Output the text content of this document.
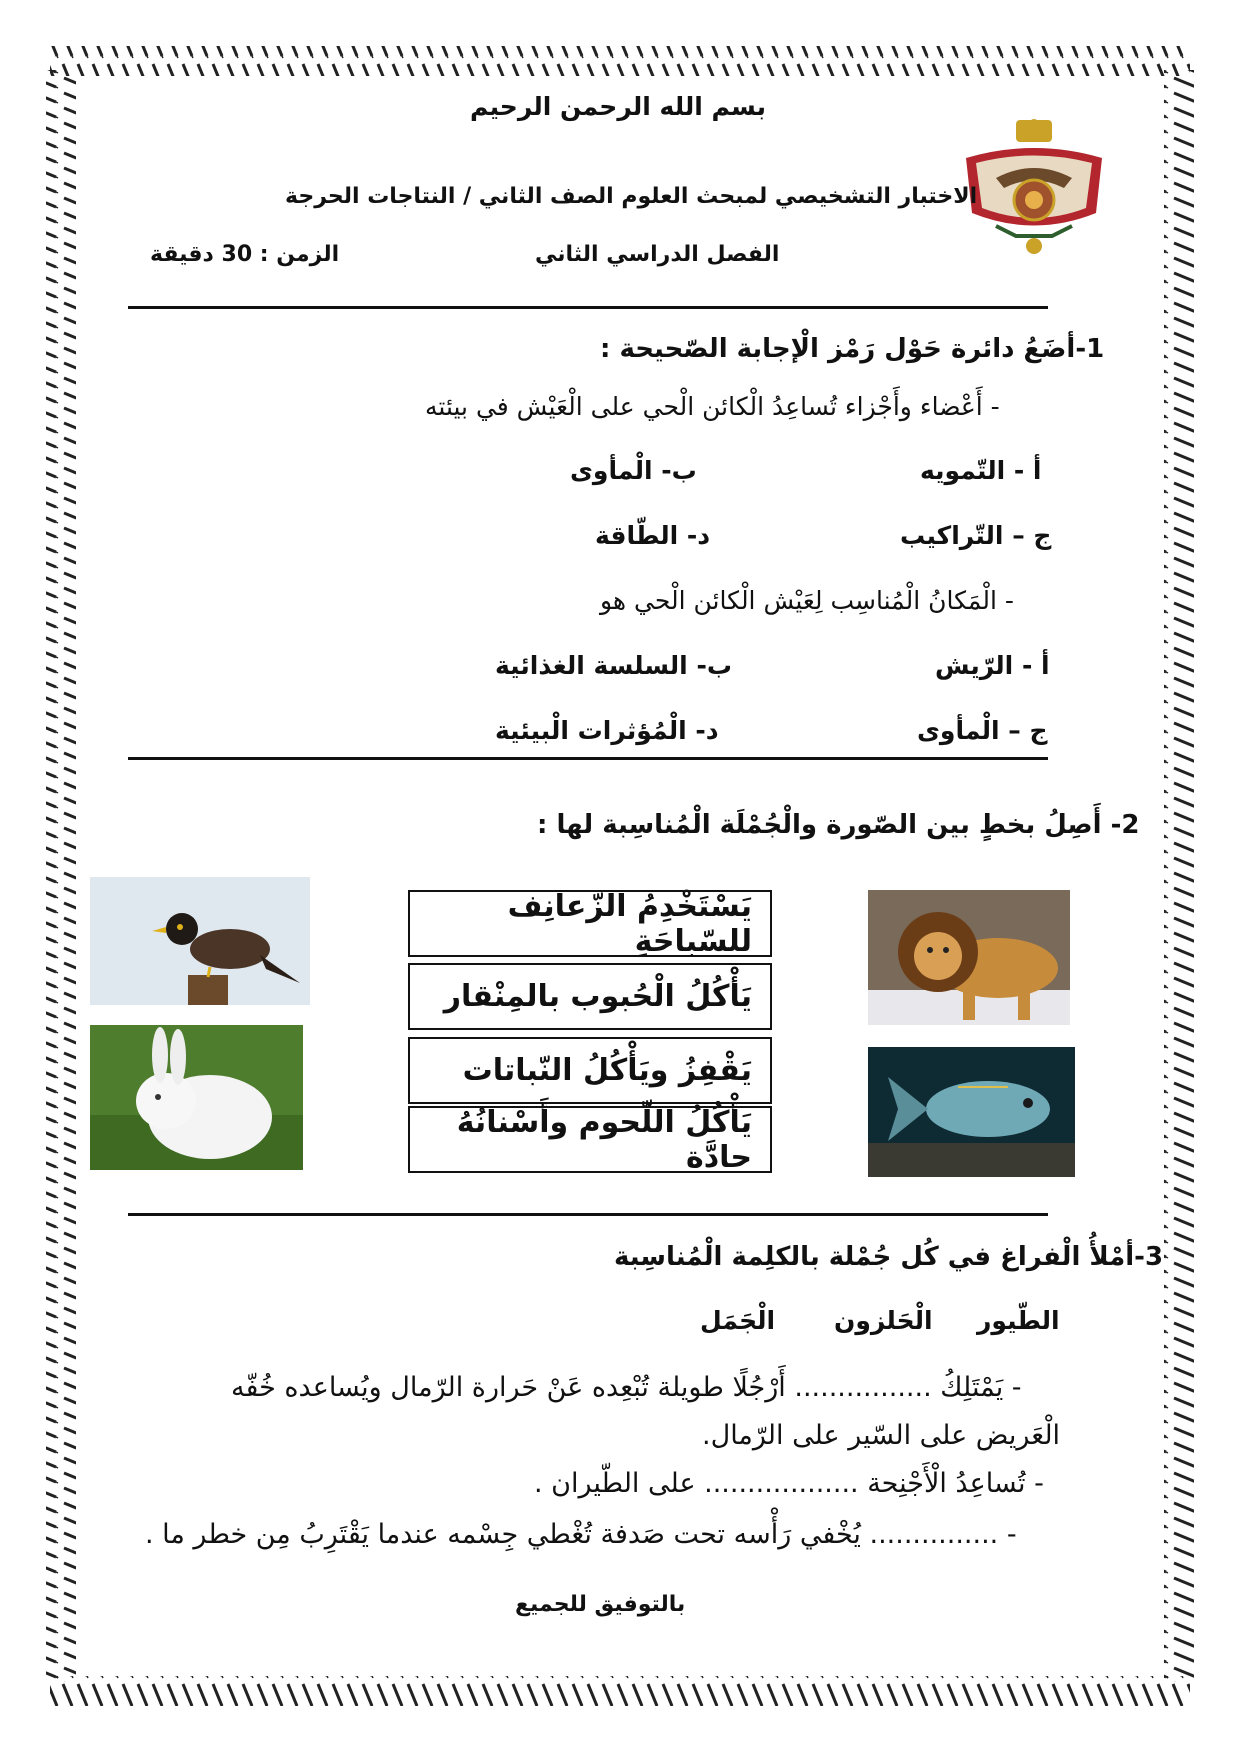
بسم الله الرحمن الرحيم
الاختبار التشخيصي لمبحث العلوم الصف الثاني / النتاجات الحرجة
الفصل الدراسي الثاني
الزمن : 30 دقيقة
1-أضَعُ دائرة حَوْل رَمْز الْإجابة الصّحيحة :
- أَعْضاء وأَجْزاء تُساعِدُ الْكائن الْحي على الْعَيْش في بيئته
أ - التّمويه
ب- الْمأوى
ج – التّراكيب
د- الطّاقة
- الْمَكانُ الْمُناسِب لِعَيْش الْكائن الْحي هو
أ - الرّيش
ب- السلسة الغذائية
ج – الْمأوى
د- الْمُؤثرات الْبيئية
2- أَصِلُ بخطٍ بين الصّورة والْجُمْلَة الْمُناسِبة لها :
يَسْتَخْدِمُ الزّعانِف للسّباحَةِ
يَأْكُلُ الْحُبوب بالمِنْقار
يَقْفِزُ ويَأْكُلُ النّباتات
يَأْكُلُ اللّحوم وأَسْنانُهُ حادَّة
3-أمْلأُ الْفراغ في كُل جُمْلة بالكلِمة الْمُناسِبة
الطّيور
الْحَلزون
الْجَمَل
- يَمْتَلِكُ ................ أَرْجُلًا طويلة تُبْعِده عَنْ حَرارة الرّمال ويُساعده خُفّه
الْعَريض على السّير على الرّمال.
- تُساعِدُ الْأَجْنِحة .................. على الطّيران .
- ............... يُخْفي رَأْسه تحت صَدفة تُغْطي جِسْمه عندما يَقْتَرِبُ مِن خطر ما .
بالتوفيق للجميع
